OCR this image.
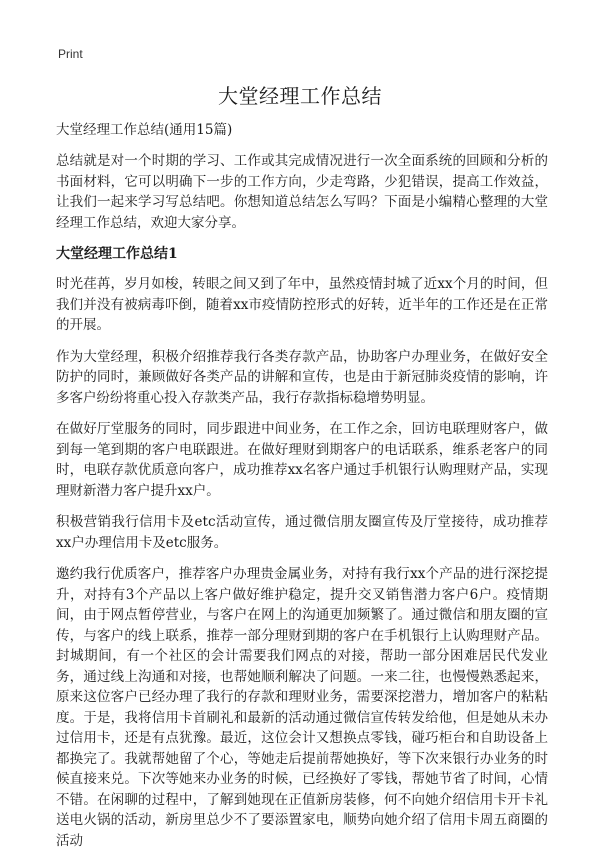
Print
大堂经理工作总结
大堂经理工作总结(通用15篇)

总结就是对一个时期的学习、工作或其完成情况进行一次全面系统的回顾和分析的书面材料，它可以明确下一步的工作方向，少走弯路，少犯错误，提高工作效益，让我们一起来学习写总结吧。你想知道总结怎么写吗？下面是小编精心整理的大堂经理工作总结，欢迎大家分享。

大堂经理工作总结1

时光荏苒，岁月如梭，转眼之间又到了年中，虽然疫情封城了近xx个月的时间，但我们并没有被病毒吓倒，随着xx市疫情防控形式的好转，近半年的工作还是在正常的开展。

作为大堂经理，积极介绍推荐我行各类存款产品，协助客户办理业务，在做好安全防护的同时，兼顾做好各类产品的讲解和宣传，也是由于新冠肺炎疫情的影响，许多客户纷纷将重心投入存款类产品，我行存款指标稳增势明显。

在做好厅堂服务的同时，同步跟进中间业务，在工作之余，回访电联理财客户，做到每一笔到期的客户电联跟进。在做好理财到期客户的电话联系，维系老客户的同时，电联存款优质意向客户，成功推荐xx名客户通过手机银行认购理财产品，实现理财新潜力客户提升xx户。

积极营销我行信用卡及etc活动宣传，通过微信朋友圈宣传及厅堂接待，成功推荐xx户办理信用卡及etc服务。

邀约我行优质客户，推荐客户办理贵金属业务，对持有我行xx个产品的进行深挖提升，对持有3个产品以上客户做好维护稳定，提升交叉销售潜力客户6户。疫情期间，由于网点暂停营业，与客户在网上的沟通更加频繁了。通过微信和朋友圈的宣传，与客户的线上联系，推荐一部分理财到期的客户在手机银行上认购理财产品。封城期间，有一个社区的会计需要我们网点的对接，帮助一部分困难居民代发业务，通过线上沟通和对接，也帮她顺利解决了问题。一来二往，也慢慢熟悉起来，原来这位客户已经办理了我行的存款和理财业务，需要深挖潜力，增加客户的粘粘度。于是，我将信用卡首刷礼和最新的活动通过微信宣传转发给他，但是她从未办过信用卡，还是有点犹豫。最近，这位会计又想换点零钱，碰巧柜台和自助设备上都换完了。我就帮她留了个心，等她走后提前帮她换好，等下次来银行办业务的时候直接来兑。下次等她来办业务的时候，已经换好了零钱，帮她节省了时间，心情不错。在闲聊的过程中，了解到她现在正值新房装修，何不向她介绍信用卡开卡礼送电火锅的活动，新房里总少不了要添置家电，顺势向她介绍了信用卡周五商圈的活动
